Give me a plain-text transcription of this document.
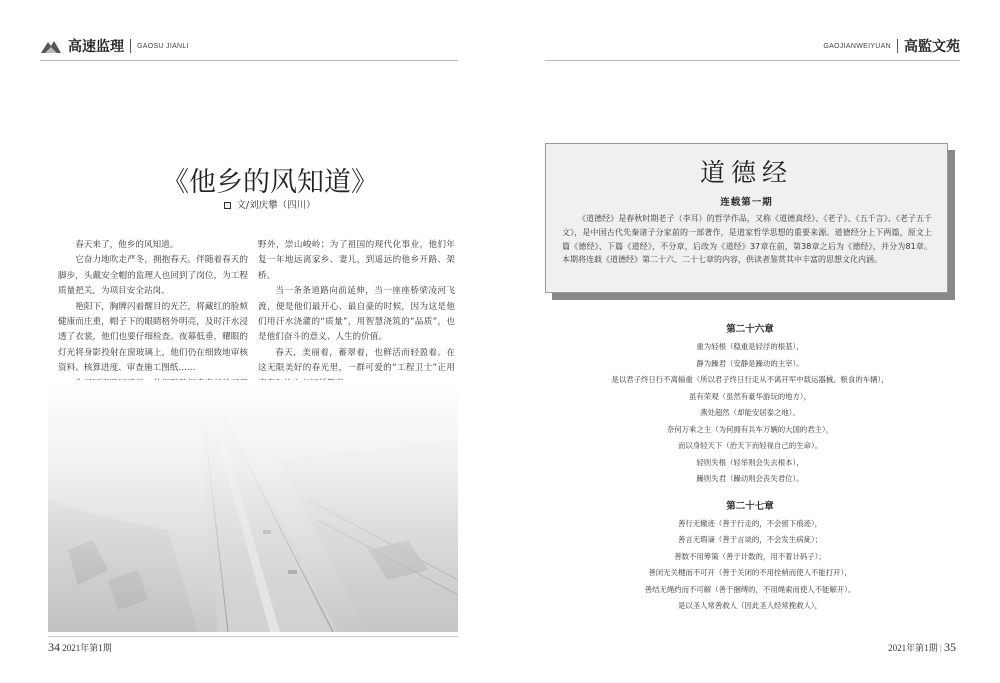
高速监理 GAOSU JIANLI	GAOJIANWEIYUAN 高監文苑
《他乡的风知道》
文/刘庆攀（四川）

春天来了，他乡的风知道。

它奋力地吹走严冬，拥抱春天。伴随着春天的脚步，头戴安全帽的监理人也回到了岗位，为工程质量把关，为项目安全站岗。

艳阳下，胸牌闪着醒目的光芒，将藏红的脸颊健康而庄重，帽子下的眼睛格外明亮，及时汗水浸透了衣裳，他们也要仔细检查。夜幕低垂，耀眼的灯光将身影投射在窗玻璃上，他们仍在细致地审核资料、核算进度、审查施工图纸……

野外，崇山峻岭；为了祖国的现代化事业，他们年复一年地远离家乡、妻儿，到遥远的他乡开路、架桥。

当一条条道路向前延伸，当一座座桥梁凌河飞渡，便是他们最开心、最自豪的时候，因为这是他们用汗水浇灌的“质量”，用智慧浇筑的“品质”，也是他们奋斗的意义、人生的价值。

春天，美丽着，蓄翠着，也鲜活而轻盈着。在这无限美好的春光里，一群可爱的“工程卫士”正用

34 2021年第1期
道德经
连载第一期

《道德经》是春秋时期老子（李耳）的哲学作品，又称《道德真经》、《老子》、《五千言》、《老子五千文》，是中国古代先秦诸子分家前的一部著作，是道家哲学思想的重要来源。道德经分上下两篇，原文上篇《德经》、下篇《道经》，不分章，后改为《道经》37章在前，第38章之后为《德经》，并分为81章。本期将连载《道德经》第二十六、二十七章的内容，供读者鉴赏其中丰富的思想文化内涵。

第二十六章
重为轻根（稳重是轻浮的根基），
静为躁君（安静是躁动的主宰）。
是以君子终日行不离辎重（所以君子终日行走从不离开军中载运器械、粮食的车辆），
虽有荣观（虽然有豪华游玩的地方），
燕处超然（却能安居泰之地）。
奈何万乘之主（为何拥有兵车万辆的大国的君主），
而以身轻天下（治天下而轻视自己的生命）。
轻则失根（轻举则会失去根本），
躁则失君（躁动则会丧失君位）。
第二十七章
善行无辙迹（善于行走的，不会留下痕迹），
善言无瑕谪（善于言谈的，不会发生病疵）；
善数不用筹策（善于计数的，用不着计码子）；
善闭无关楗而不可开（善于关闭的不用拴梢而使人不能打开），
善结无绳约而不可解（善于捆缚的，不用绳索而使人不能解开）。
是以圣人常善救人（因此圣人经常挽救人），
2021年第1期 | 35
